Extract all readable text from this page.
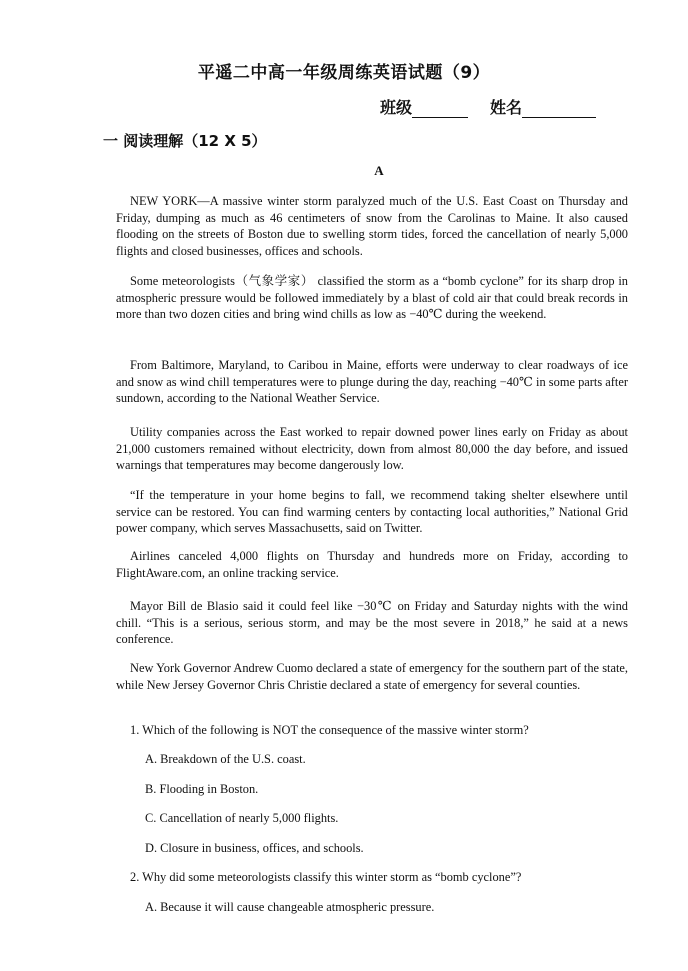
平遥二中高一年级周练英语试题（9）
班级	姓名
一 阅读理解（12 X 5）
A

NEW YORK—A massive winter storm paralyzed much of the U.S. East Coast on Thursday and Friday, dumping as much as 46 centimeters of snow from the Carolinas to Maine. It also caused flooding on the streets of Boston due to swelling storm tides, forced the cancellation of nearly 5,000 flights and closed businesses, offices and schools.

Some meteorologists（气象学家） classified the storm as a “bomb cyclone” for its sharp drop in atmospheric pressure would be followed immediately by a blast of cold air that could break records in more than two dozen cities and bring wind chills as low as −40℃ during the weekend.

From Baltimore, Maryland, to Caribou in Maine, efforts were underway to clear roadways of ice and snow as wind chill temperatures were to plunge during the day, reaching −40℃ in some parts after sundown, according to the National Weather Service.

Utility companies across the East worked to repair downed power lines early on Friday as about 21,000 customers remained without electricity, down from almost 80,000 the day before, and issued warnings that temperatures may become dangerously low.

“If the temperature in your home begins to fall, we recommend taking shelter elsewhere until service can be restored. You can find warming centers by contacting local authorities,” National Grid power company, which serves Massachusetts, said on Twitter.

Airlines canceled 4,000 flights on Thursday and hundreds more on Friday, according to FlightAware.com, an online tracking service.

Mayor Bill de Blasio said it could feel like −30℃ on Friday and Saturday nights with the wind chill. “This is a serious, serious storm, and may be the most severe in 2018,” he said at a news conference.

New York Governor Andrew Cuomo declared a state of emergency for the southern part of the state, while New Jersey Governor Chris Christie declared a state of emergency for several counties.

1. Which of the following is NOT the consequence of the massive winter storm?
A. Breakdown of the U.S. coast.
B. Flooding in Boston.
C. Cancellation of nearly 5,000 flights.
D. Closure in business, offices, and schools.
2. Why did some meteorologists classify this winter storm as “bomb cyclone”?
A. Because it will cause changeable atmospheric pressure.
